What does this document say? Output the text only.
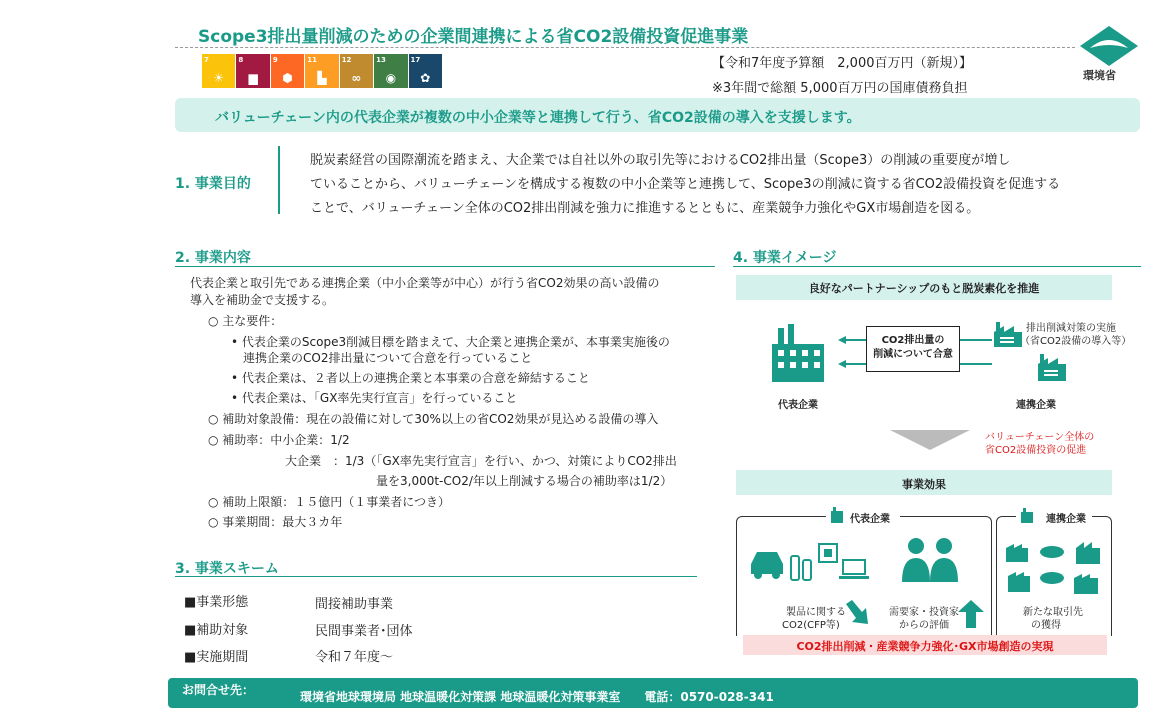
Scope3排出量削減のための企業間連携による省CO2設備投資促進事業
7
☀
8
▆
9
⬢
11
▙
12
∞
13
◉
17
✿
【令和7年度予算額　2,000百万円（新規）】
※3年間で総額 5,000百万円の国庫債務負担
環境省
バリューチェーン内の代表企業が複数の中小企業等と連携して行う、省CO2設備の導入を支援します。
1. 事業目的
脱炭素経営の国際潮流を踏まえ、大企業では自社以外の取引先等におけるCO2排出量（Scope3）の削減の重要度が増し
ていることから、バリューチェーンを構成する複数の中小企業等と連携して、Scope3の削減に資する省CO2設備投資を促進する
ことで、バリューチェーン全体のCO2排出削減を強力に推進するとともに、産業競争力強化やGX市場創造を図る。
2. 事業内容
代表企業と取引先である連携企業（中小企業等が中心）が行う省CO2効果の高い設備の
導入を補助金で支援する。
○ 主な要件：
• 代表企業のScope3削減目標を踏まえて、大企業と連携企業が、本事業実施後の
連携企業のCO2排出量について合意を行っていること
• 代表企業は、２者以上の連携企業と本事業の合意を締結すること
• 代表企業は、「GX率先実行宣言」を行っていること
○ 補助対象設備：現在の設備に対して30%以上の省CO2効果が見込める設備の導入
○ 補助率：中小企業：1/2
大企業　：1/3（「GX率先実行宣言」を行い、かつ、対策によりCO2排出
量を3,000t-CO2/年以上削減する場合の補助率は1/2）
○ 補助上限額：１５億円（１事業者につき）
○ 事業期間：最大３カ年
3. 事業スキーム
■事業形態	間接補助事業
■補助対象	民間事業者･団体
■実施期間	令和７年度～
4. 事業イメージ
良好なパートナーシップのもと脱炭素化を推進
代表企業
CO2排出量の
削減について合意
排出削減対策の実施
（省CO2設備の導入等）
連携企業
バリューチェーン全体の
省CO2設備投資の促進
事業効果
代表企業	連携企業
製品に関する
CO2(CFP等)
需要家・投資家
からの評価
新たな取引先
の獲得
CO2排出削減・産業競争力強化･GX市場創造の実現
お問合せ先：	環境省地球環境局 地球温暖化対策課 地球温暖化対策事業室　　電話：0570-028-341
